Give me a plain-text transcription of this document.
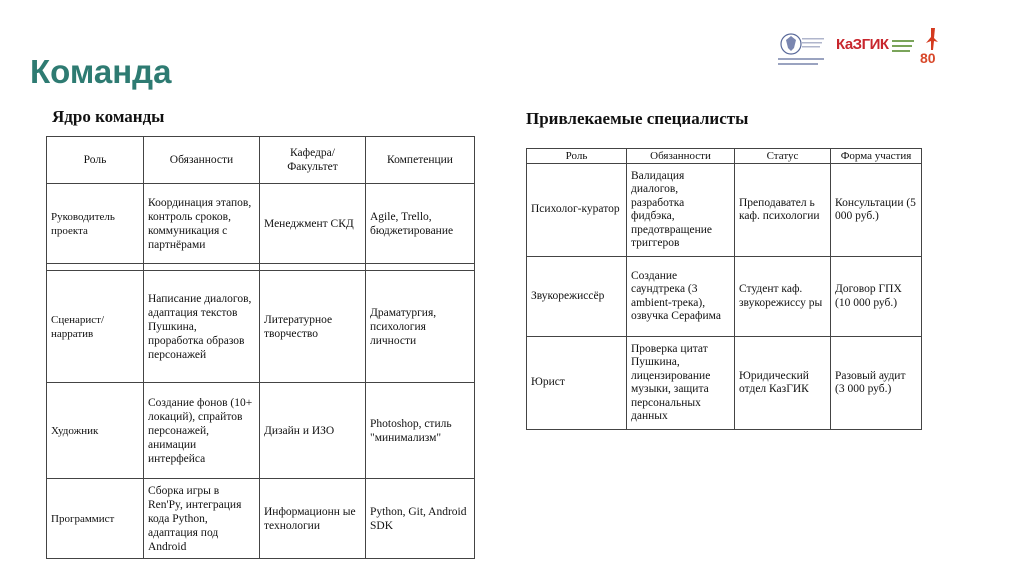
Команда
КаЗГИК
80
Ядро команды
Роль	Обязанности	Кафедра/ Факультет	Компетенции
Руководитель проекта	Координация этапов, контроль сроков, коммуникация с партнёрами	Менеджмент СКД	Agile, Trello, бюджетирование

Сценарист/ нарратив	Написание диалогов, адаптация текстов Пушкина, проработка образов персонажей	Литературное творчество	Драматургия, психология личности
Художник	Создание фонов (10+ локаций), спрайтов персонажей, анимации интерфейса	Дизайн и ИЗО	Photoshop, стиль "минимализм"
Программист	Сборка игры в Ren'Py, интеграция кода Python, адаптация под Android	Информационн ые технологии	Python, Git, Android SDK
Привлекаемые специалисты
Роль	Обязанности	Статус	Форма участия
Психолог-куратор	Валидация диалогов, разработка фидбэка, предотвращение триггеров	Преподавател ь каф. психологии	Консультации (5 000 руб.)
Звукорежиссёр	Создание саундтрека (3 ambient-трека), озвучка Серафима	Студент каф. звукорежиссу ры	Договор ГПХ (10 000 руб.)
Юрист	Проверка цитат Пушкина, лицензирование музыки, защита персональных данных	Юридический отдел КазГИК	Разовый аудит (3 000 руб.)
